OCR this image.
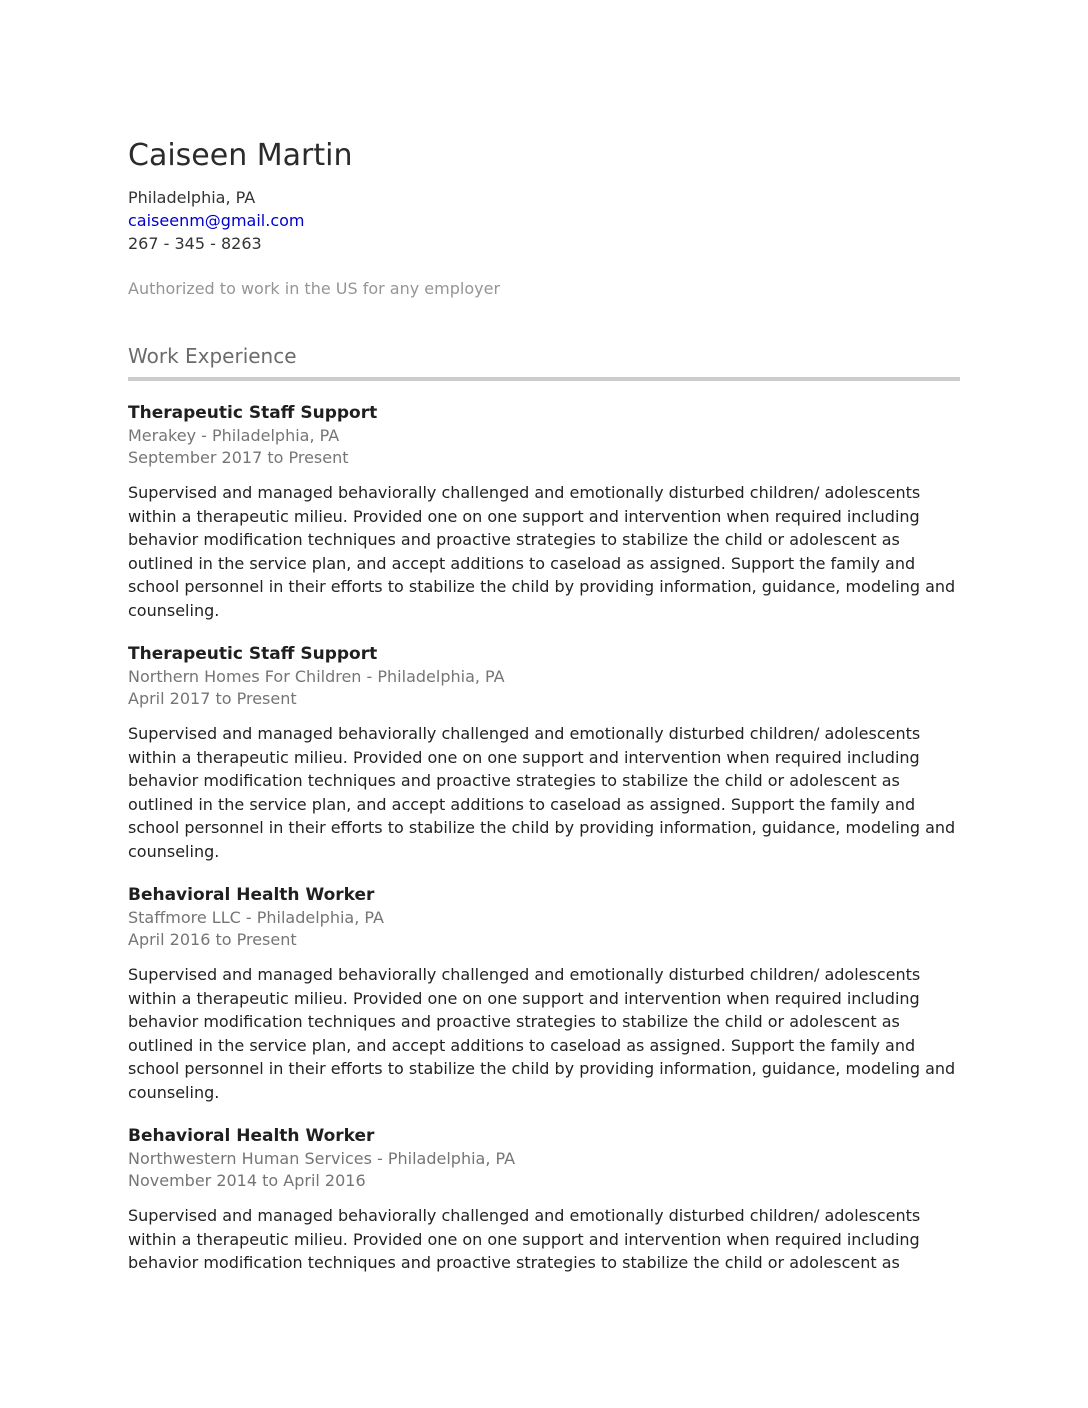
Caiseen Martin
Philadelphia, PA
caiseenm@gmail.com
267 - 345 - 8263
Authorized to work in the US for any employer
Work Experience
Therapeutic Staff Support
Merakey - Philadelphia, PA
September 2017 to Present

Supervised and managed behaviorally challenged and emotionally disturbed children/ adolescents within a therapeutic milieu. Provided one on one support and intervention when required including behavior modification techniques and proactive strategies to stabilize the child or adolescent as outlined in the service plan, and accept additions to caseload as assigned. Support the family and school personnel in their efforts to stabilize the child by providing information, guidance, modeling and counseling.

Therapeutic Staff Support
Northern Homes For Children - Philadelphia, PA
April 2017 to Present

Supervised and managed behaviorally challenged and emotionally disturbed children/ adolescents within a therapeutic milieu. Provided one on one support and intervention when required including behavior modification techniques and proactive strategies to stabilize the child or adolescent as outlined in the service plan, and accept additions to caseload as assigned. Support the family and school personnel in their efforts to stabilize the child by providing information, guidance, modeling and counseling.

Behavioral Health Worker
Staffmore LLC - Philadelphia, PA
April 2016 to Present

Supervised and managed behaviorally challenged and emotionally disturbed children/ adolescents within a therapeutic milieu. Provided one on one support and intervention when required including behavior modification techniques and proactive strategies to stabilize the child or adolescent as outlined in the service plan, and accept additions to caseload as assigned. Support the family and school personnel in their efforts to stabilize the child by providing information, guidance, modeling and counseling.

Behavioral Health Worker
Northwestern Human Services - Philadelphia, PA
November 2014 to April 2016

Supervised and managed behaviorally challenged and emotionally disturbed children/ adolescents within a therapeutic milieu. Provided one on one support and intervention when required including behavior modification techniques and proactive strategies to stabilize the child or adolescent as
